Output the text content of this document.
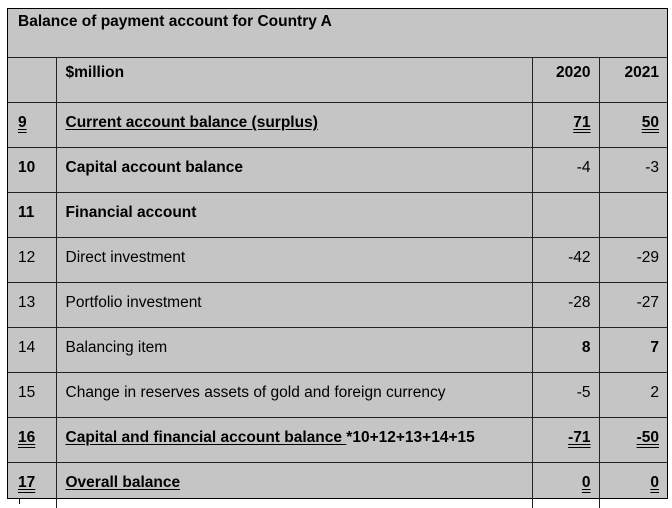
Balance of payment account for Country A			
	$million	2020	2021
9	Current account balance (surplus)	71	50
10	Capital account balance	-4	-3
11	Financial account		
12	Direct investment	-42	-29
13	Portfolio investment	-28	-27
14	Balancing item	8	7
15	Change in reserves assets of gold and foreign currency	-5	2
16	Capital and financial account balance *10+12+13+14+15	-71	-50
17	Overall balance	0	0
